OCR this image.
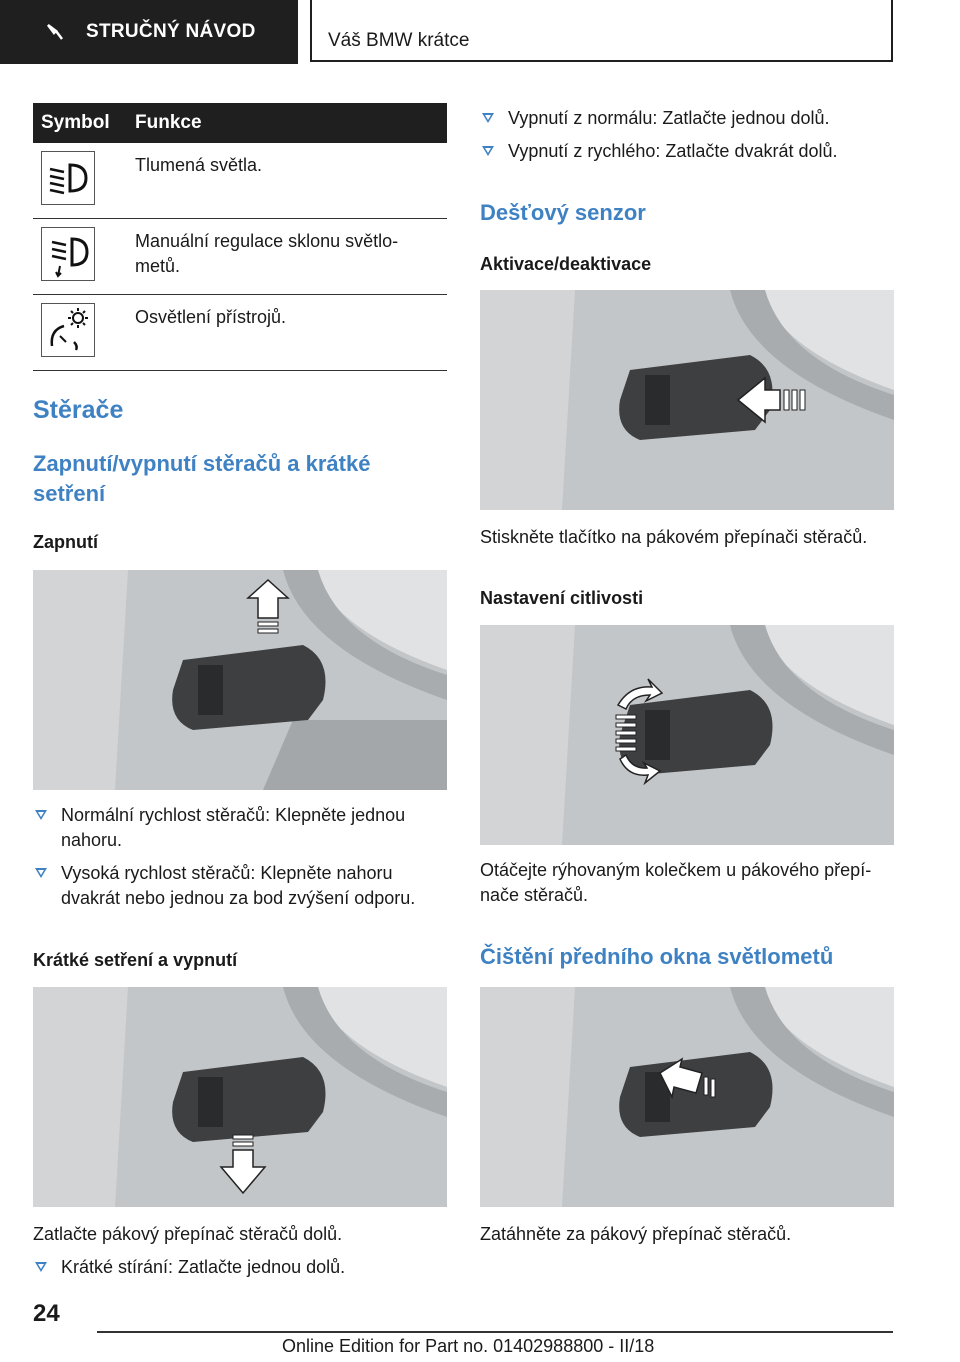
STRUČNÝ NÁVOD	Váš BMW krátce
Symbol	Funkce

	Tlumená světla.

	Manuální regulace sklonu světlo-metů.

	Osvětlení přístrojů.
Stěrače
Zapnutí/vypnutí stěračů a krátké setření
Zapnutí
Normální rychlost stěračů: Klepněte jednou nahoru.
Vysoká rychlost stěračů: Klepněte nahoru dvakrát nebo jednou za bod zvýšení odporu.
Krátké setření a vypnutí

Zatlačte pákový přepínač stěračů dolů.

Krátké stírání: Zatlačte jednou dolů.
Vypnutí z normálu: Zatlačte jednou dolů.
Vypnutí z rychlého: Zatlačte dvakrát dolů.
Dešťový senzor
Aktivace/deaktivace

Stiskněte tlačítko na pákovém přepínači stěračů.

Nastavení citlivosti

Otáčejte rýhovaným kolečkem u pákového přepí-nače stěračů.

Čištění předního okna světlometů

Zatáhněte za pákový přepínač stěračů.

24
Online Edition for Part no. 01402988800 - II/18
